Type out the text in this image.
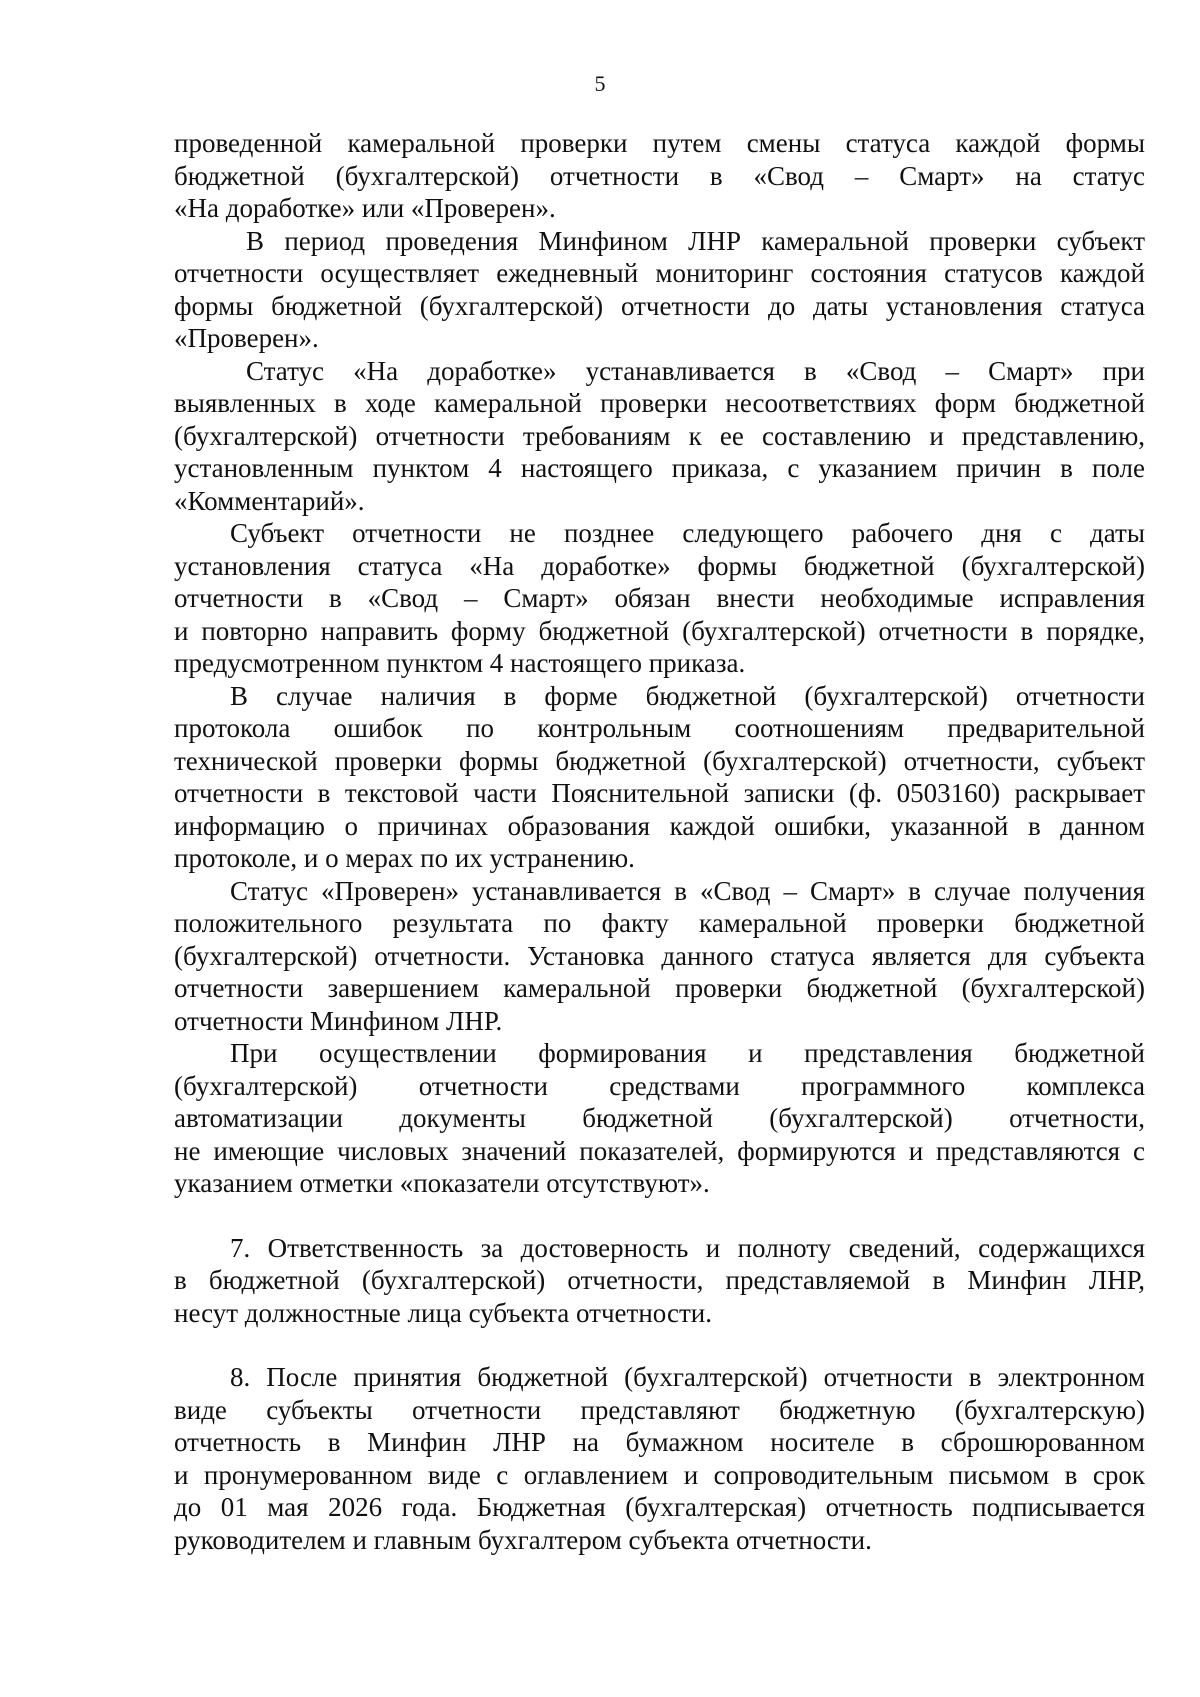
5
проведенной камеральной проверки путем смены статуса каждой формы
бюджетной (бухгалтерской) отчетности в «Свод – Смарт» на статус
«На доработке» или «Проверен».
В период проведения Минфином ЛНР камеральной проверки субъект
отчетности осуществляет ежедневный мониторинг состояния статусов каждой
формы бюджетной (бухгалтерской) отчетности до даты установления статуса
«Проверен».
Статус «На доработке» устанавливается в «Свод – Смарт» при
выявленных в ходе камеральной проверки несоответствиях форм бюджетной
(бухгалтерской) отчетности требованиям к ее составлению и представлению,
установленным пунктом 4 настоящего приказа, с указанием причин в поле
«Комментарий».
Субъект отчетности не позднее следующего рабочего дня с даты
установления статуса «На доработке» формы бюджетной (бухгалтерской)
отчетности в «Свод – Смарт» обязан внести необходимые исправления
и повторно направить форму бюджетной (бухгалтерской) отчетности в порядке,
предусмотренном пунктом 4 настоящего приказа.
В случае наличия в форме бюджетной (бухгалтерской) отчетности
протокола ошибок по контрольным соотношениям предварительной
технической проверки формы бюджетной (бухгалтерской) отчетности, субъект
отчетности в текстовой части Пояснительной записки (ф. 0503160) раскрывает
информацию о причинах образования каждой ошибки, указанной в данном
протоколе, и о мерах по их устранению.
Статус «Проверен» устанавливается в «Свод – Смарт» в случае получения
положительного результата по факту камеральной проверки бюджетной
(бухгалтерской) отчетности. Установка данного статуса является для субъекта
отчетности завершением камеральной проверки бюджетной (бухгалтерской)
отчетности Минфином ЛНР.
При осуществлении формирования и представления бюджетной
(бухгалтерской) отчетности средствами программного комплекса
автоматизации документы бюджетной (бухгалтерской) отчетности,
не имеющие числовых значений показателей, формируются и представляются с
указанием отметки «показатели отсутствуют».
7. Ответственность за достоверность и полноту сведений, содержащихся
в бюджетной (бухгалтерской) отчетности, представляемой в Минфин ЛНР,
несут должностные лица субъекта отчетности.
8. После принятия бюджетной (бухгалтерской) отчетности в электронном
виде субъекты отчетности представляют бюджетную (бухгалтерскую)
отчетность в Минфин ЛНР на бумажном носителе в сброшюрованном
и пронумерованном виде с оглавлением и сопроводительным письмом в срок
до 01 мая 2026 года. Бюджетная (бухгалтерская) отчетность подписывается
руководителем и главным бухгалтером субъекта отчетности.
